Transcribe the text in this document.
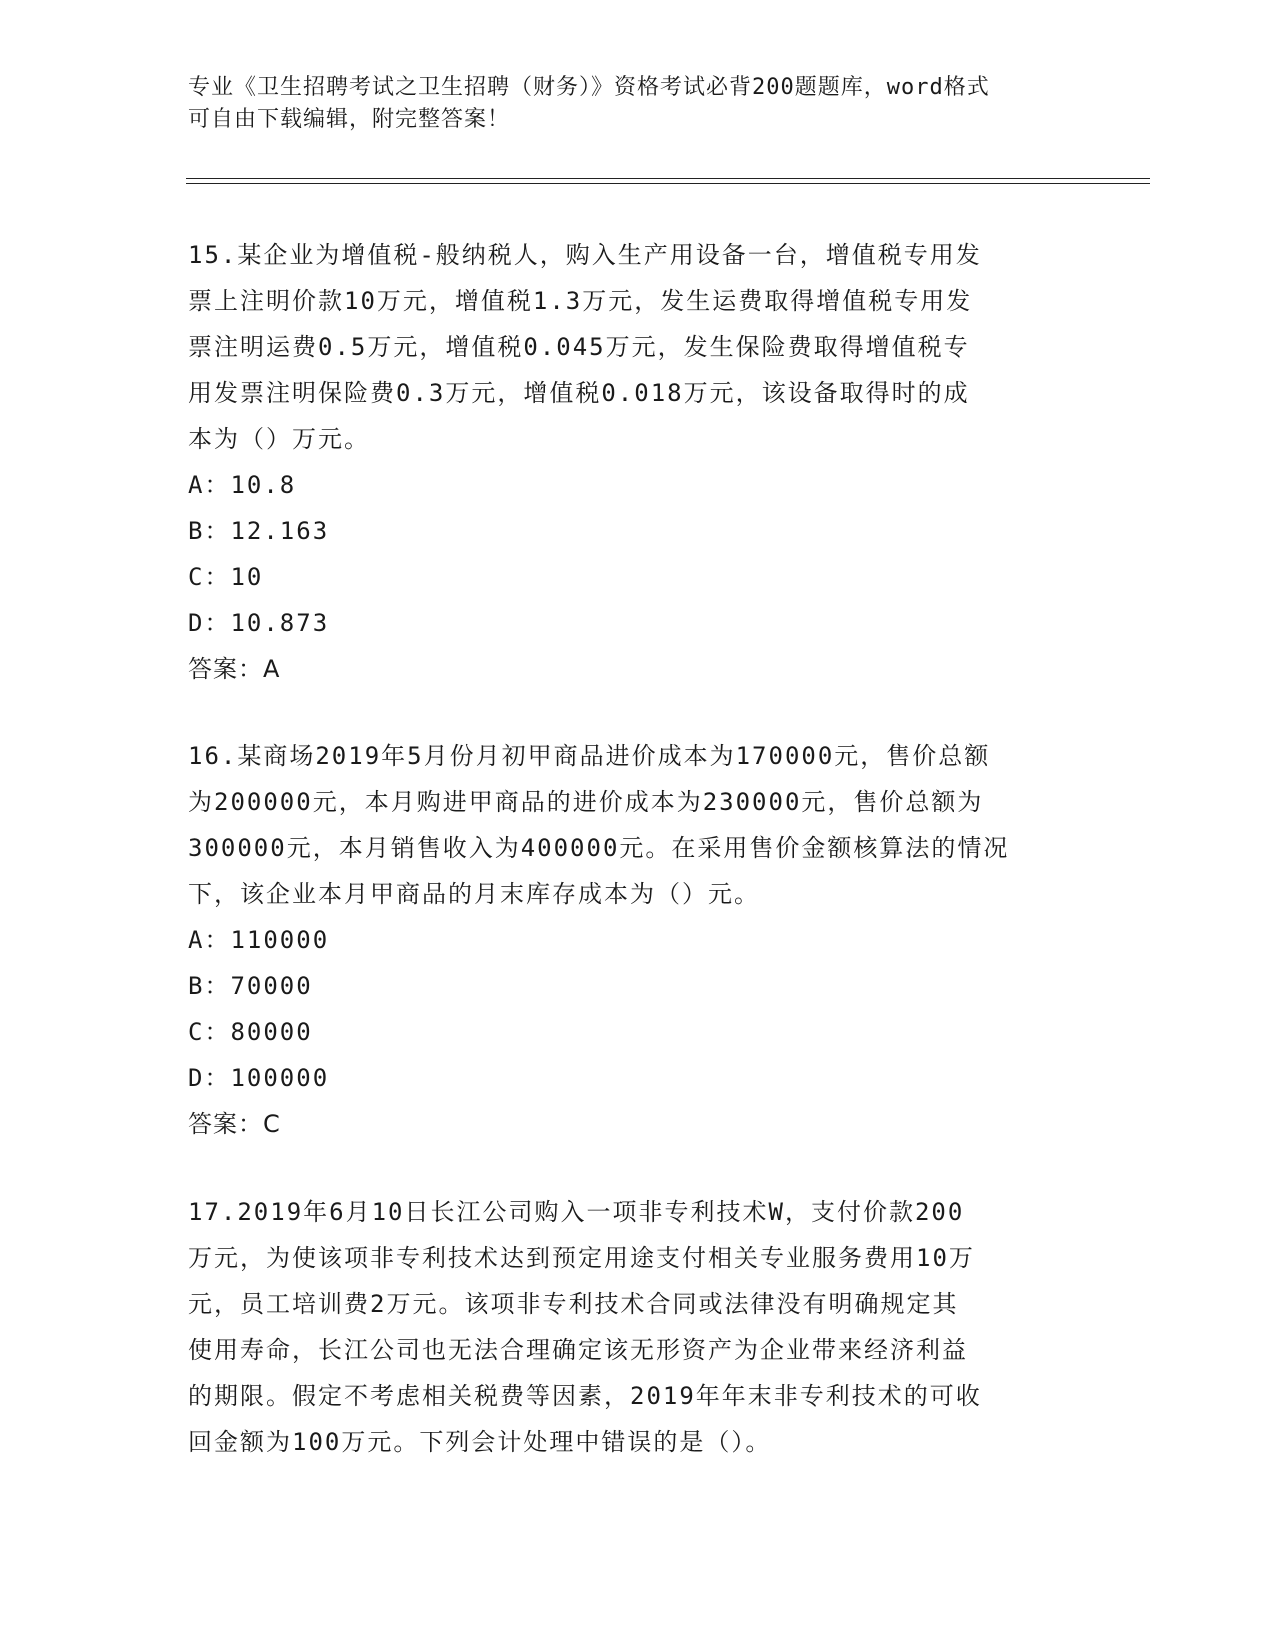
专业《卫生招聘考试之卫生招聘（财务）》资格考试必背200题题库，word格式
可自由下载编辑，附完整答案！
15.某企业为增值税-般纳税人，购入生产用设备一台，增值税专用发
票上注明价款10万元，增值税1.3万元，发生运费取得增值税专用发
票注明运费0.5万元，增值税0.045万元，发生保险费取得增值税专
用发票注明保险费0.3万元，增值税0.018万元，该设备取得时的成
本为（）万元。
A：10.8
B：12.163
C：10
D：10.873
答案：A
16.某商场2019年5月份月初甲商品进价成本为170000元，售价总额
为200000元，本月购进甲商品的进价成本为230000元，售价总额为
300000元，本月销售收入为400000元。在采用售价金额核算法的情况
下，该企业本月甲商品的月末库存成本为（）元。
A：110000
B：70000
C：80000
D：100000
答案：C
17.2019年6月10日长江公司购入一项非专利技术W，支付价款200
万元，为使该项非专利技术达到预定用途支付相关专业服务费用10万
元，员工培训费2万元。该项非专利技术合同或法律没有明确规定其
使用寿命，长江公司也无法合理确定该无形资产为企业带来经济利益
的期限。假定不考虑相关税费等因素，2019年年末非专利技术的可收
回金额为100万元。下列会计处理中错误的是（）。
